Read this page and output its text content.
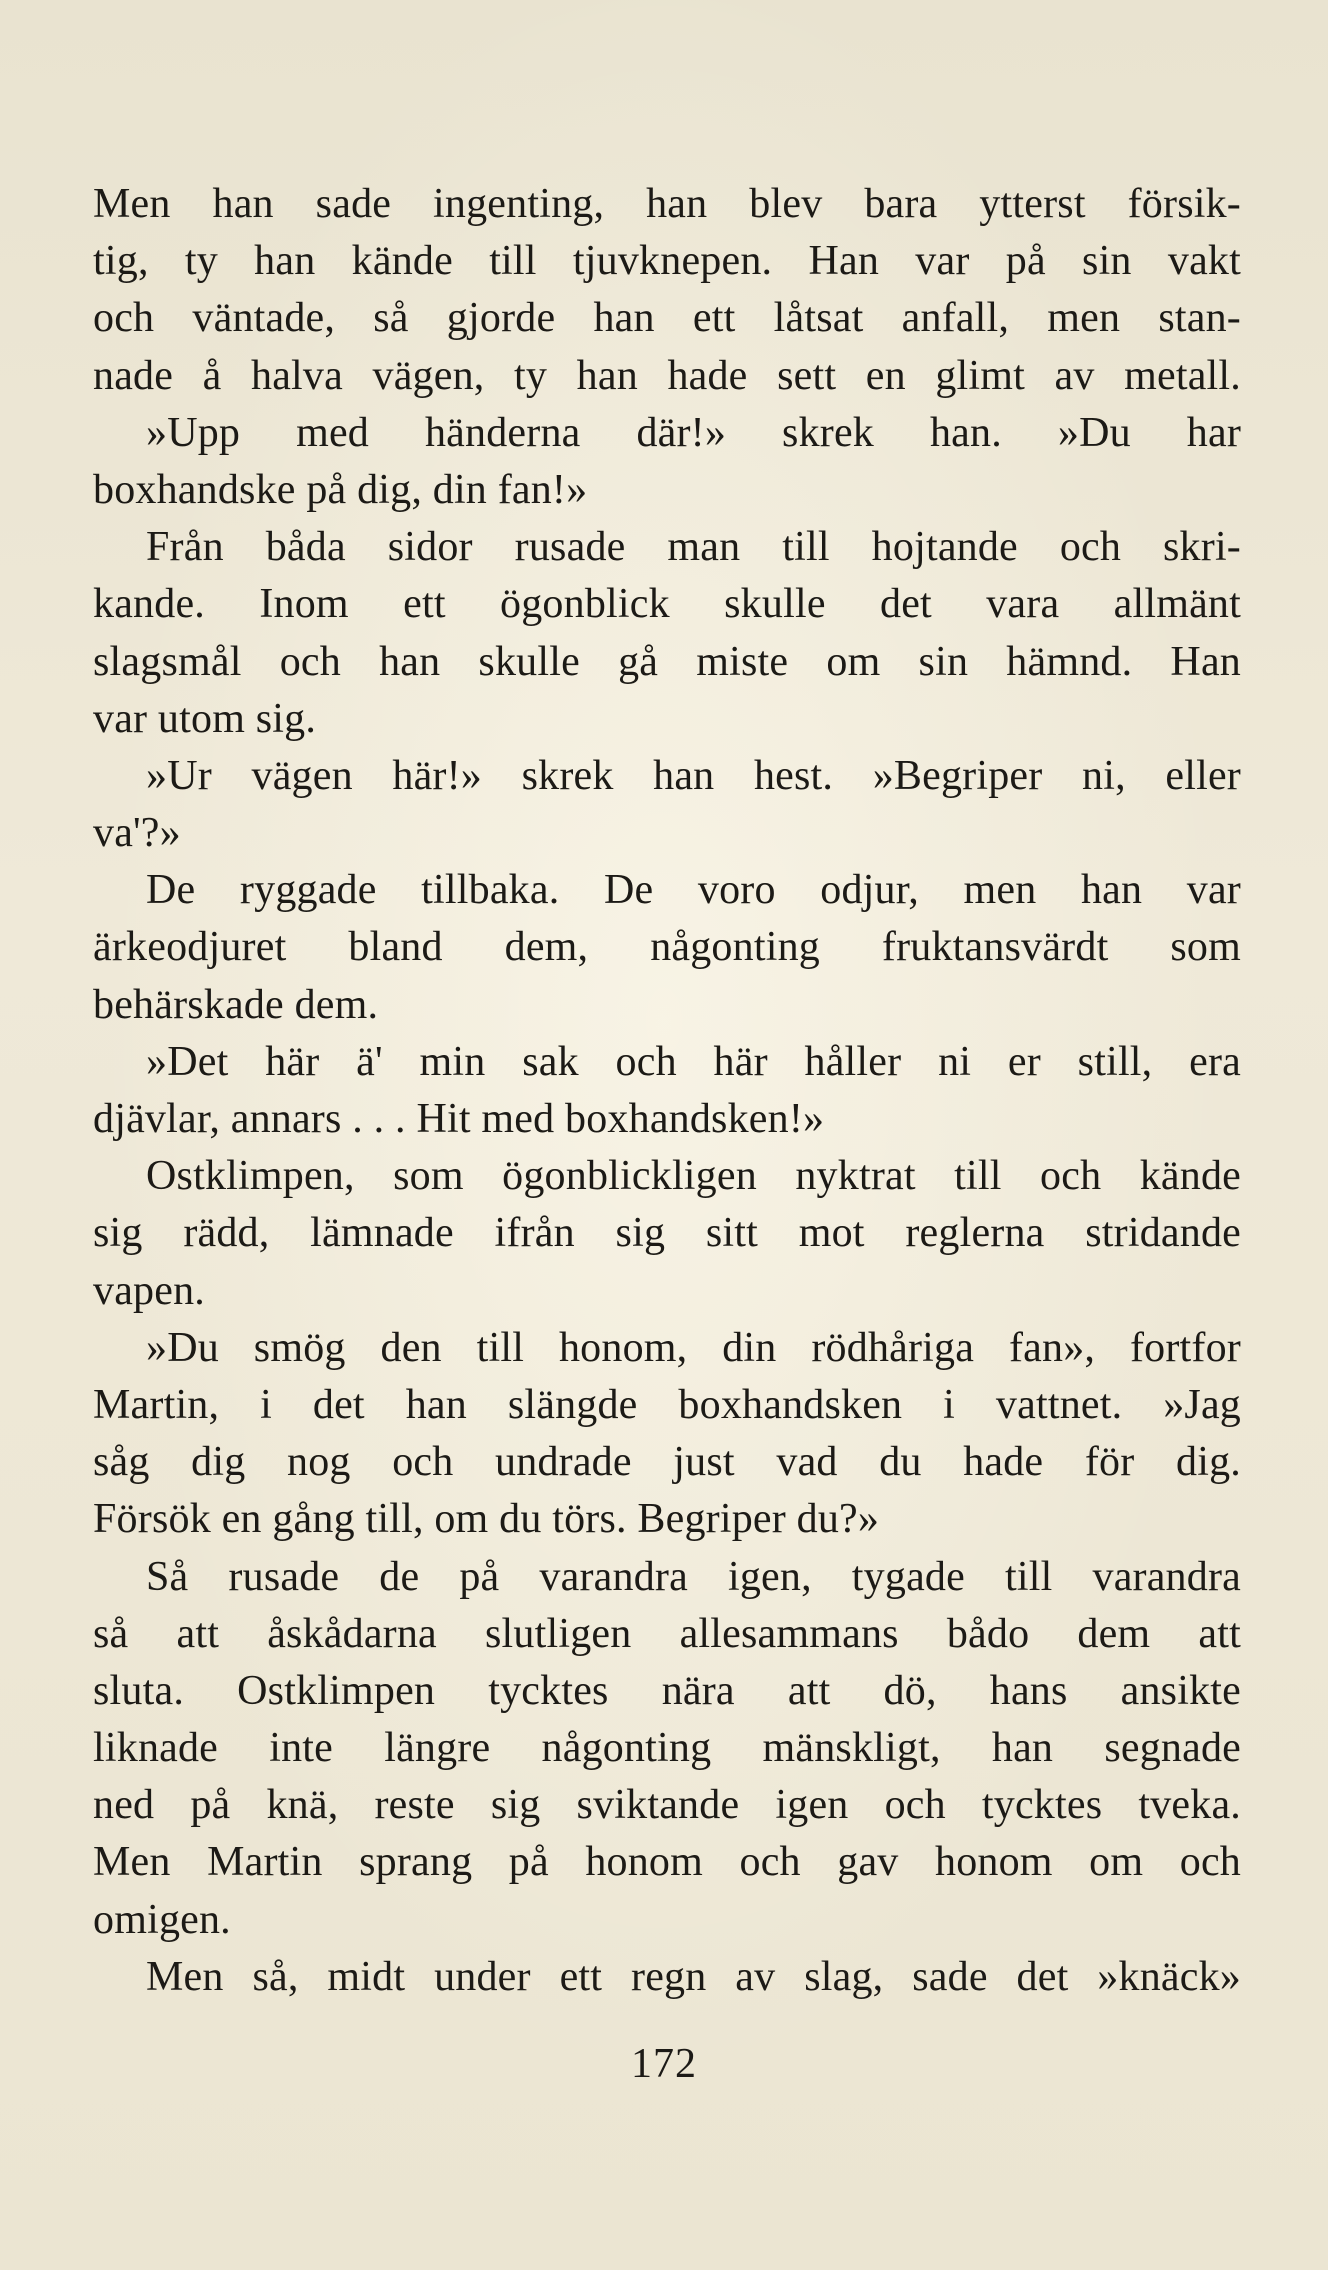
Men han sade ingenting, han blev bara ytterst försik-
tig, ty han kände till tjuvknepen. Han var på sin vakt
och väntade, så gjorde han ett låtsat anfall, men stan-
nade å halva vägen, ty han hade sett en glimt av metall.
»Upp med händerna där!» skrek han. »Du har
boxhandske på dig, din fan!»
Från båda sidor rusade man till hojtande och skri-
kande. Inom ett ögonblick skulle det vara allmänt
slagsmål och han skulle gå miste om sin hämnd. Han
var utom sig.
»Ur vägen här!» skrek han hest. »Begriper ni, eller
va'?»
De ryggade tillbaka. De voro odjur, men han var
ärkeodjuret bland dem, någonting fruktansvärdt som
behärskade dem.
»Det här ä' min sak och här håller ni er still, era
djävlar, annars . . . Hit med boxhandsken!»
Ostklimpen, som ögonblickligen nyktrat till och kände
sig rädd, lämnade ifrån sig sitt mot reglerna stridande
vapen.
»Du smög den till honom, din rödhåriga fan», fortfor
Martin, i det han slängde boxhandsken i vattnet. »Jag
såg dig nog och undrade just vad du hade för dig.
Försök en gång till, om du törs. Begriper du?»
Så rusade de på varandra igen, tygade till varandra
så att åskådarna slutligen allesammans bådo dem att
sluta. Ostklimpen tycktes nära att dö, hans ansikte
liknade inte längre någonting mänskligt, han segnade
ned på knä, reste sig sviktande igen och tycktes tveka.
Men Martin sprang på honom och gav honom om och
omigen.
Men så, midt under ett regn av slag, sade det »knäck»
172
